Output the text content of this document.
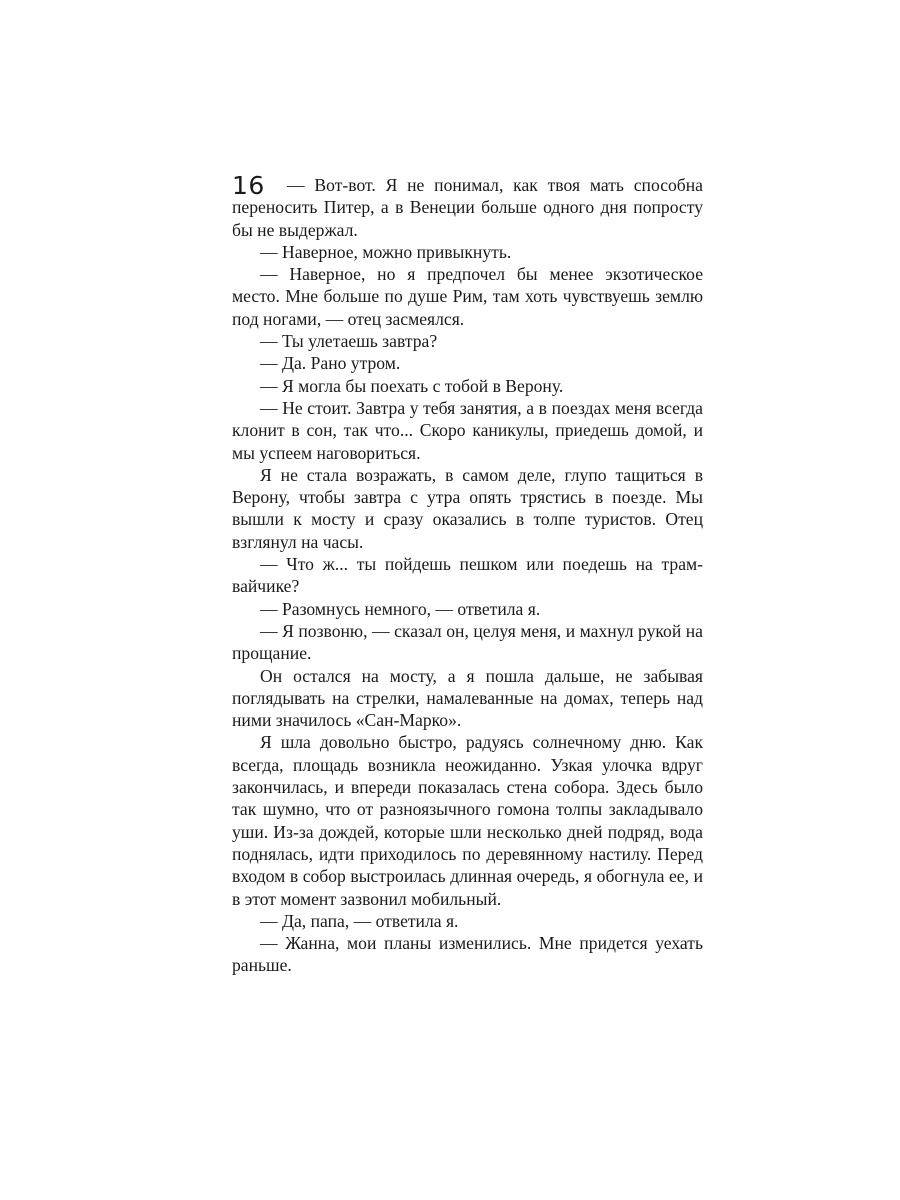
16	— Вот-вот. Я не понимал, как твоя мать способна переносить Питер, а в Венеции больше одного дня попросту бы не выдержал.

— Наверное, можно привыкнуть.

— Наверное, но я предпочел бы менее экзотическое место. Мне больше по душе Рим, там хоть чувствуешь землю под ногами, — отец засмеялся.

— Ты улетаешь завтра?

— Да. Рано утром.

— Я могла бы поехать с тобой в Верону.

— Не стоит. Завтра у тебя занятия, а в поездах меня всегда клонит в сон, так что... Скоро каникулы, приедешь домой, и мы успеем наговориться.

Я не стала возражать, в самом деле, глупо тащиться в Верону, чтобы завтра с утра опять трястись в поезде. Мы вышли к мосту и сразу оказались в толпе туристов. Отец взглянул на часы.

— Что ж... ты пойдешь пешком или поедешь на трамвайчике?

— Разомнусь немного, — ответила я.

— Я позвоню, — сказал он, целуя меня, и махнул рукой на прощание.

Он остался на мосту, а я пошла дальше, не забывая поглядывать на стрелки, намалеванные на домах, теперь над ними значилось «Сан-Марко».

Я шла довольно быстро, радуясь солнечному дню. Как всегда, площадь возникла неожиданно. Узкая улочка вдруг закончилась, и впереди показалась стена собора. Здесь было так шумно, что от разноязычного гомона толпы закладывало уши. Из-за дождей, которые шли несколько дней подряд, вода поднялась, идти приходилось по деревянному настилу. Перед входом в собор выстроилась длинная очередь, я обогнула ее, и в этот момент зазвонил мобильный.

— Да, папа, — ответила я.

— Жанна, мои планы изменились. Мне придется уехать раньше.
